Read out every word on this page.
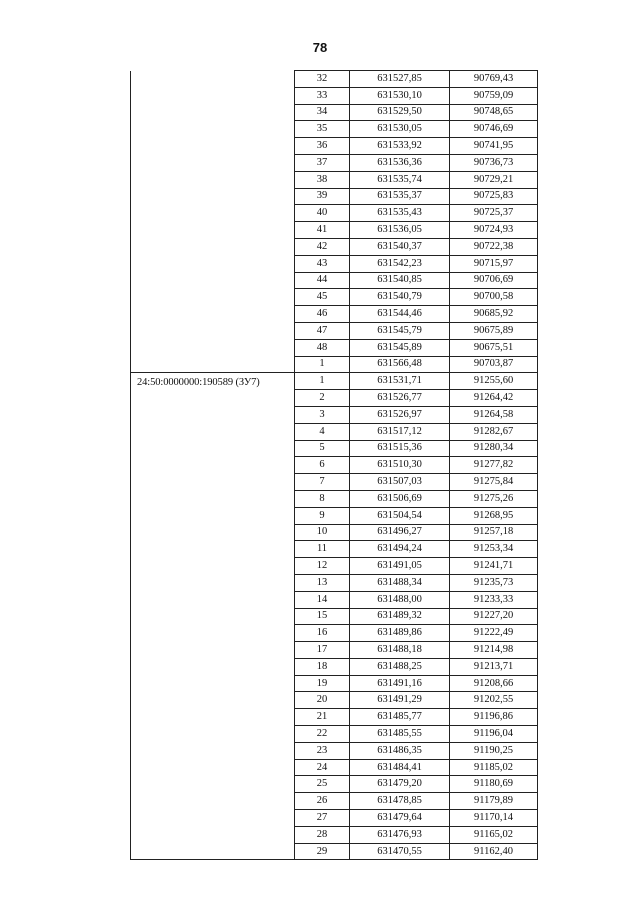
78
	32	631527,85	90769,43
	33	631530,10	90759,09
	34	631529,50	90748,65
	35	631530,05	90746,69
	36	631533,92	90741,95
	37	631536,36	90736,73
	38	631535,74	90729,21
	39	631535,37	90725,83
	40	631535,43	90725,37
	41	631536,05	90724,93
	42	631540,37	90722,38
	43	631542,23	90715,97
	44	631540,85	90706,69
	45	631540,79	90700,58
	46	631544,46	90685,92
	47	631545,79	90675,89
	48	631545,89	90675,51
	1	631566,48	90703,87

24:50:0000000:190589 (ЗУ7)	1	631531,71	91255,60
	2	631526,77	91264,42
	3	631526,97	91264,58
	4	631517,12	91282,67
	5	631515,36	91280,34
	6	631510,30	91277,82
	7	631507,03	91275,84
	8	631506,69	91275,26
	9	631504,54	91268,95
	10	631496,27	91257,18
	11	631494,24	91253,34
	12	631491,05	91241,71
	13	631488,34	91235,73
	14	631488,00	91233,33
	15	631489,32	91227,20
	16	631489,86	91222,49
	17	631488,18	91214,98
	18	631488,25	91213,71
	19	631491,16	91208,66
	20	631491,29	91202,55
	21	631485,77	91196,86
	22	631485,55	91196,04
	23	631486,35	91190,25
	24	631484,41	91185,02
	25	631479,20	91180,69
	26	631478,85	91179,89
	27	631479,64	91170,14
	28	631476,93	91165,02
	29	631470,55	91162,40
